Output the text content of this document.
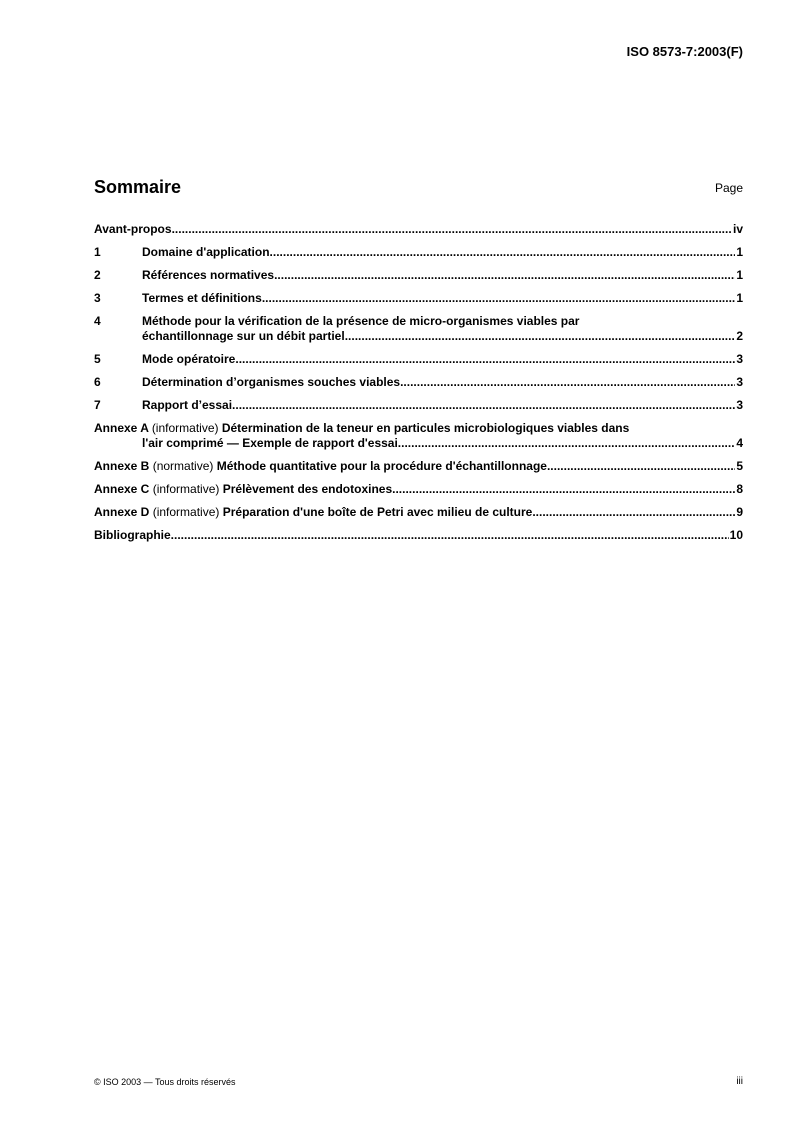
ISO 8573-7:2003(F)
Sommaire	Page
Avant-propos .....	iv
1	Domaine d'application .....	1
2	Références normatives .....	1
3	Termes et définitions .....	1
4	Méthode pour la vérification de la présence de micro-organismes viables par
échantillonnage sur un débit partiel .....	2
5	Mode opératoire .....	3
6	Détermination d’organismes souches viables .....	3
7	Rapport d’essai .....	3
Annexe A (informative) Détermination de la teneur en particules microbiologiques viables dans
l'air comprimé — Exemple de rapport d'essai .....	4
Annexe B (normative) Méthode quantitative pour la procédure d'échantillonnage .....	5
Annexe C (informative) Prélèvement des endotoxines .....	8
Annexe D (informative) Préparation d'une boîte de Petri avec milieu de culture .....	9
Bibliographie .....	10
© ISO 2003 — Tous droits réservés	iii
